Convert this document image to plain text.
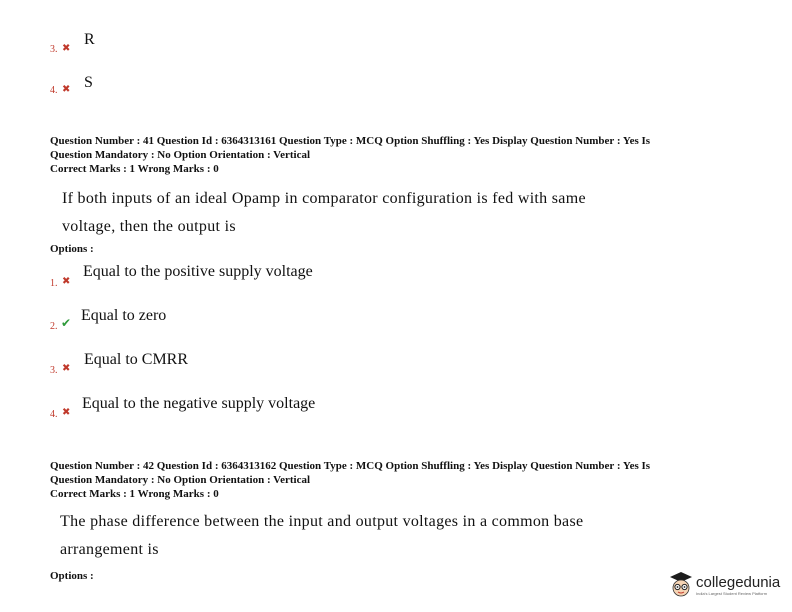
3. ✖
R
4. ✖ S
Question Number : 41 Question Id : 6364313161 Question Type : MCQ Option Shuffling : Yes Display Question Number : Yes Is
Question Mandatory : No Option Orientation : Vertical
Correct Marks : 1 Wrong Marks : 0
If both inputs of an ideal Opamp in comparator configuration is fed with same
voltage, then the output is
Options :
1. ✖
Equal to the positive supply voltage
2. ✔ Equal to zero
3. ✖
Equal to CMRR
4. ✖
Equal to the negative supply voltage
Question Number : 42 Question Id : 6364313162 Question Type : MCQ Option Shuffling : Yes Display Question Number : Yes Is
Question Mandatory : No Option Orientation : Vertical
Correct Marks : 1 Wrong Marks : 0
The phase difference between the input and output voltages in a common base
arrangement is
Options :	collegedunia
India's Largest Student Review Platform
